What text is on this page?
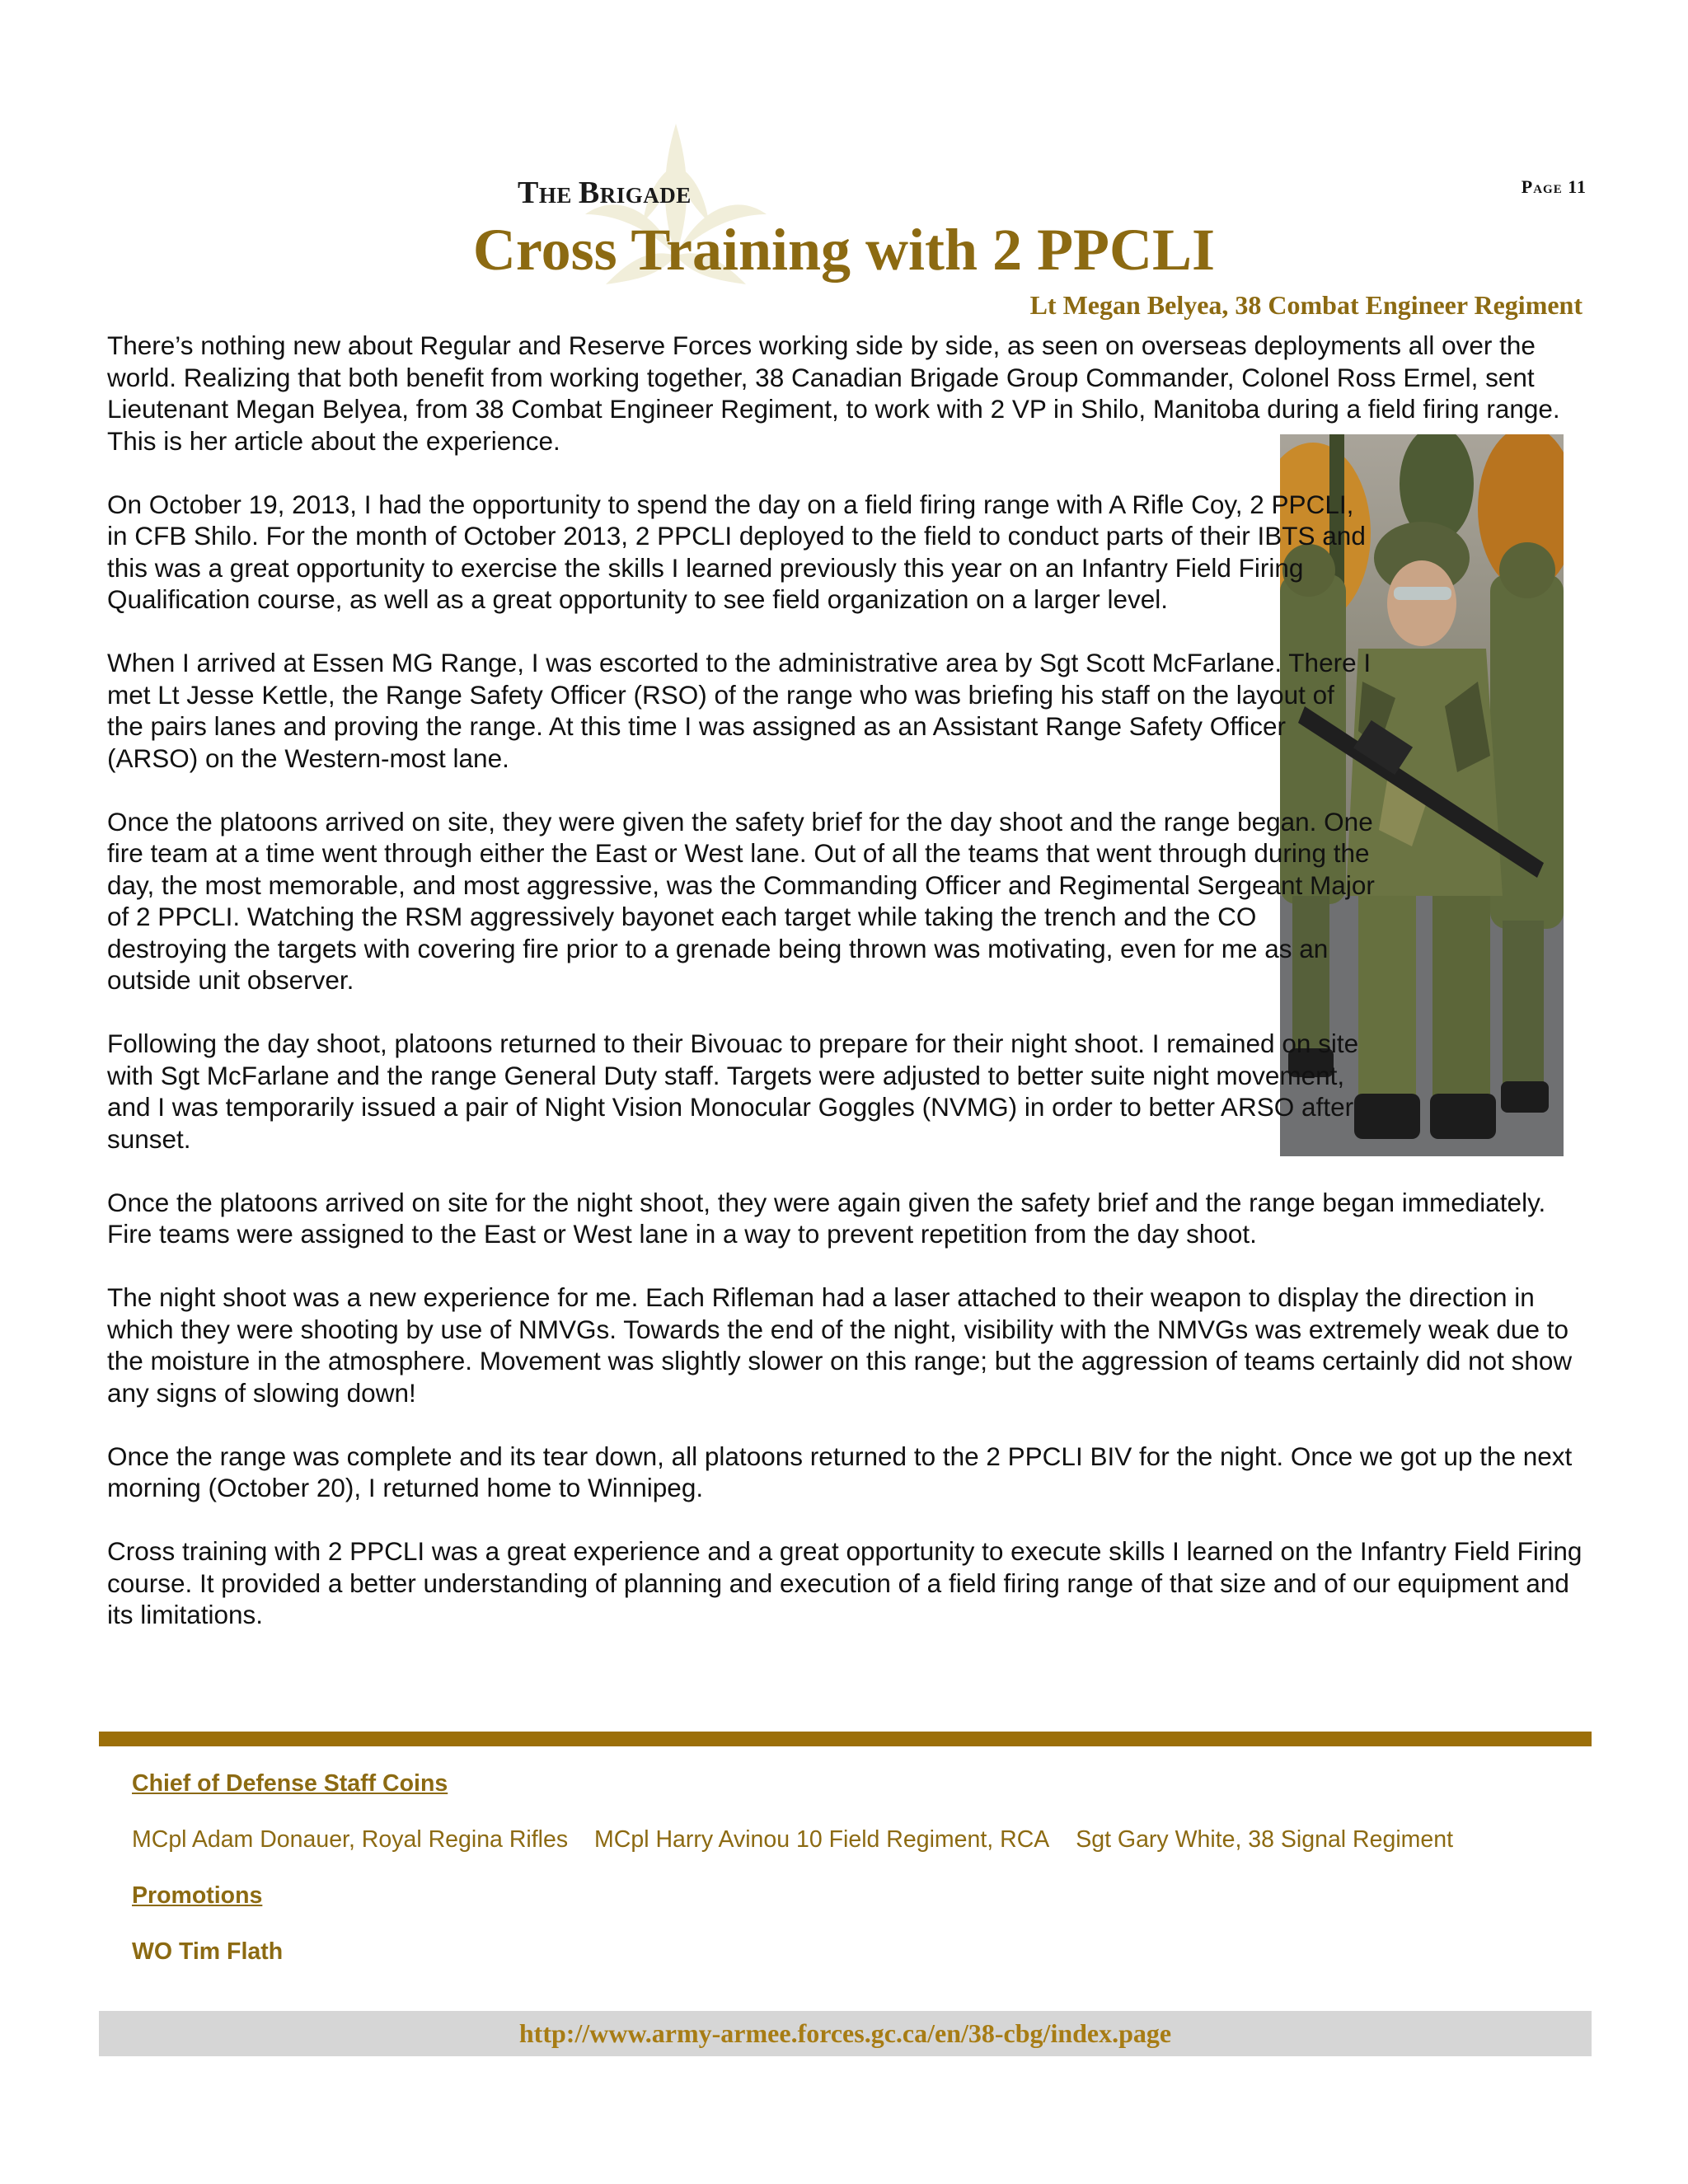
The Brigade	Page 11
Cross Training with 2 PPCLI
Lt Megan Belyea, 38 Combat Engineer Regiment

There’s nothing new about Regular and Reserve Forces working side by side, as seen on overseas deployments all over the world. Realizing that both benefit from working together, 38 Canadian Brigade Group Commander, Colonel Ross Ermel, sent Lieutenant Megan Belyea, from 38 Combat Engineer Regiment, to work with 2 VP in Shilo, Manitoba during a field firing range. This is her article about the experience.

On October 19, 2013, I had the opportunity to spend the day on a field firing range with A Rifle Coy, 2 PPCLI, in CFB Shilo. For the month of October 2013, 2 PPCLI deployed to the field to conduct parts of their IBTS and this was a great opportunity to exercise the skills I learned previously this year on an Infantry Field Firing Qualification course, as well as a great opportunity to see field organization on a larger level.

When I arrived at Essen MG Range, I was escorted to the administrative area by Sgt Scott McFarlane. There I met Lt Jesse Kettle, the Range Safety Officer (RSO) of the range who was briefing his staff on the layout of the pairs lanes and proving the range. At this time I was assigned as an Assistant Range Safety Officer (ARSO) on the Western-most lane.

Once the platoons arrived on site, they were given the safety brief for the day shoot and the range began. One fire team at a time went through either the East or West lane. Out of all the teams that went through during the day, the most memorable, and most aggressive, was the Commanding Officer and Regimental Sergeant Major of 2 PPCLI. Watching the RSM aggressively bayonet each target while taking the trench and the CO destroying the targets with covering fire prior to a grenade being thrown was motivating, even for me as an outside unit observer.

Following the day shoot, platoons returned to their Bivouac to prepare for their night shoot. I remained on site with Sgt McFarlane and the range General Duty staff. Targets were adjusted to better suite night movement, and I was temporarily issued a pair of Night Vision Monocular Goggles (NVMG) in order to better ARSO after sunset.

Once the platoons arrived on site for the night shoot, they were again given the safety brief and the range began immediately. Fire teams were assigned to the East or West lane in a way to prevent repetition from the day shoot.

The night shoot was a new experience for me. Each Rifleman had a laser attached to their weapon to display the direction in which they were shooting by use of NMVGs. Towards the end of the night, visibility with the NMVGs was extremely weak due to the moisture in the atmosphere. Movement was slightly slower on this range; but the aggression of teams certainly did not show any signs of slowing down!

Once the range was complete and its tear down, all platoons returned to the 2 PPCLI BIV for the night. Once we got up the next morning (October 20), I returned home to Winnipeg.

Cross training with 2 PPCLI was a great experience and a great opportunity to execute skills I learned on the Infantry Field Firing course. It provided a better understanding of planning and execution of a field firing range of that size and of our equipment and its limitations.

Chief of Defense Staff Coins
MCpl Adam Donauer, Royal Regina Rifles MCpl Harry Avinou 10 Field Regiment, RCA Sgt Gary White, 38 Signal Regiment
Promotions
WO Tim Flath
http://www.army-armee.forces.gc.ca/en/38-cbg/index.page
